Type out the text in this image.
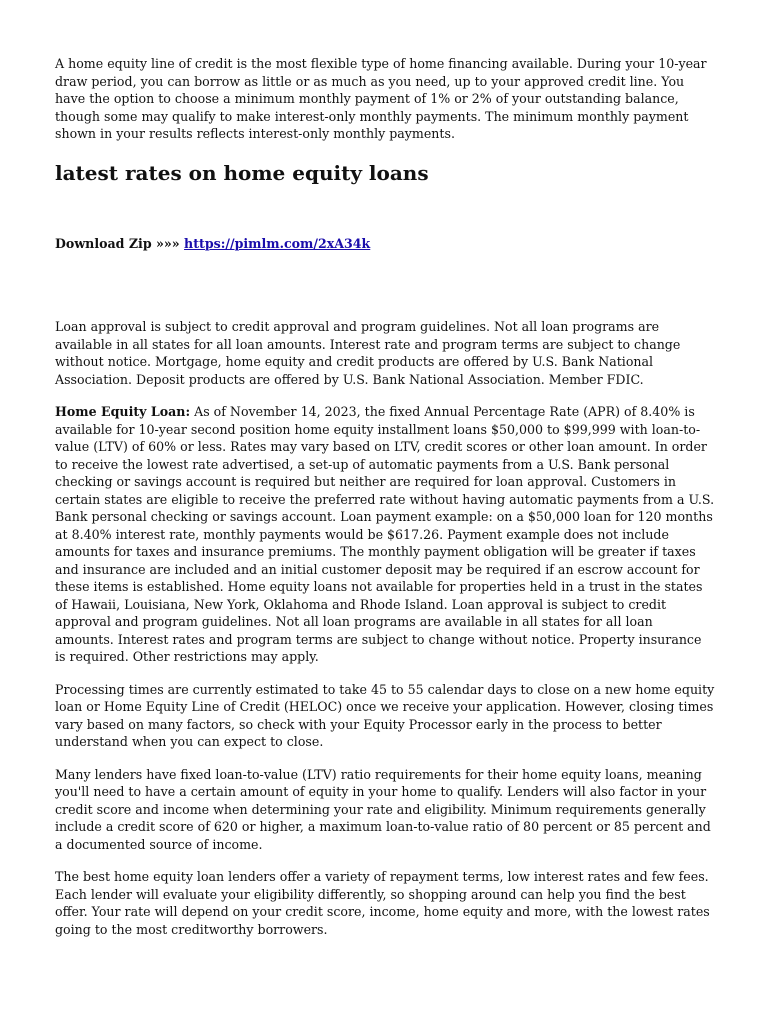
A home equity line of credit is the most flexible type of home financing available. During your 10-year draw period, you can borrow as little or as much as you need, up to your approved credit line. You have the option to choose a minimum monthly payment of 1% or 2% of your outstanding balance, though some may qualify to make interest-only monthly payments. The minimum monthly payment shown in your results reflects interest-only monthly payments.

latest rates on home equity loans
Download Zip »»» https://pimlm.com/2xA34k

Loan approval is subject to credit approval and program guidelines. Not all loan programs are available in all states for all loan amounts. Interest rate and program terms are subject to change without notice. Mortgage, home equity and credit products are offered by U.S. Bank National Association. Deposit products are offered by U.S. Bank National Association. Member FDIC.

Home Equity Loan: As of November 14, 2023, the fixed Annual Percentage Rate (APR) of 8.40% is available for 10-year second position home equity installment loans $50,000 to $99,999 with loan-to-value (LTV) of 60% or less. Rates may vary based on LTV, credit scores or other loan amount. In order to receive the lowest rate advertised, a set-up of automatic payments from a U.S. Bank personal checking or savings account is required but neither are required for loan approval. Customers in certain states are eligible to receive the preferred rate without having automatic payments from a U.S. Bank personal checking or savings account. Loan payment example: on a $50,000 loan for 120 months at 8.40% interest rate, monthly payments would be $617.26. Payment example does not include amounts for taxes and insurance premiums. The monthly payment obligation will be greater if taxes and insurance are included and an initial customer deposit may be required if an escrow account for these items is established. Home equity loans not available for properties held in a trust in the states of Hawaii, Louisiana, New York, Oklahoma and Rhode Island. Loan approval is subject to credit approval and program guidelines. Not all loan programs are available in all states for all loan amounts. Interest rates and program terms are subject to change without notice. Property insurance is required. Other restrictions may apply.

Processing times are currently estimated to take 45 to 55 calendar days to close on a new home equity loan or Home Equity Line of Credit (HELOC) once we receive your application. However, closing times vary based on many factors, so check with your Equity Processor early in the process to better understand when you can expect to close.

Many lenders have fixed loan-to-value (LTV) ratio requirements for their home equity loans, meaning you'll need to have a certain amount of equity in your home to qualify. Lenders will also factor in your credit score and income when determining your rate and eligibility. Minimum requirements generally include a credit score of 620 or higher, a maximum loan-to-value ratio of 80 percent or 85 percent and a documented source of income.

The best home equity loan lenders offer a variety of repayment terms, low interest rates and few fees. Each lender will evaluate your eligibility differently, so shopping around can help you find the best offer. Your rate will depend on your credit score, income, home equity and more, with the lowest rates going to the most creditworthy borrowers.
